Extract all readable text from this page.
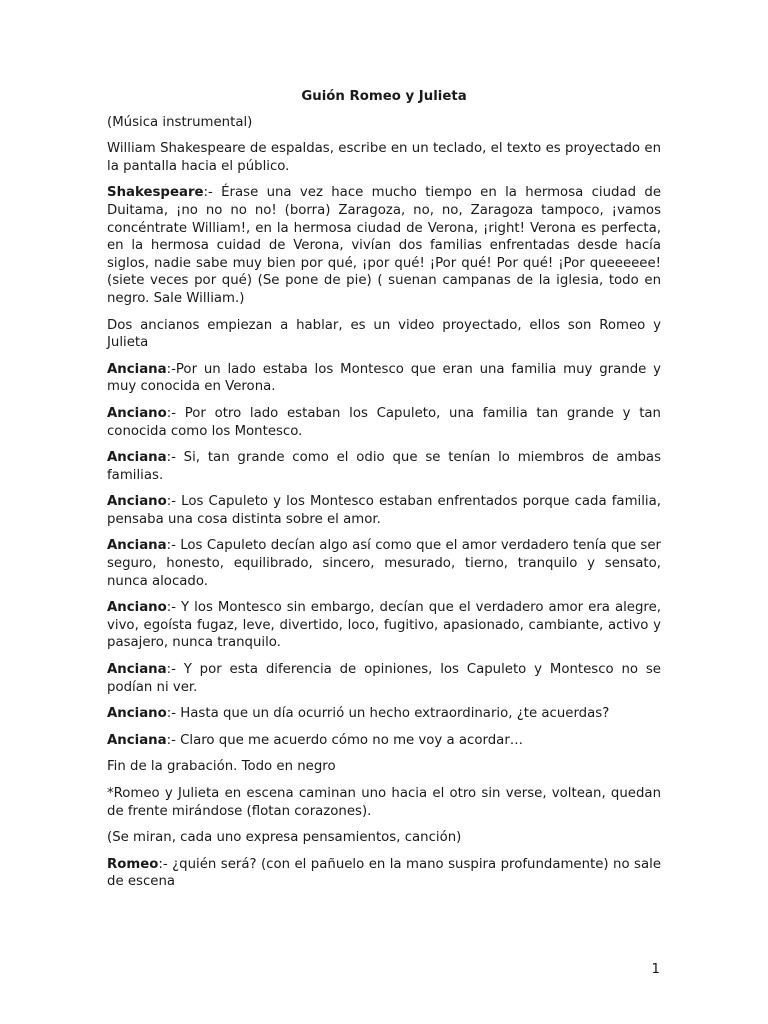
Guión Romeo y Julieta

(Música instrumental)

William Shakespeare de espaldas, escribe en un teclado, el texto es proyectado en la pantalla hacia el público.

Shakespeare:- Érase una vez hace mucho tiempo en la hermosa ciudad de Duitama, ¡no no no no! (borra) Zaragoza, no, no, Zaragoza tampoco, ¡vamos concéntrate William!, en la hermosa ciudad de Verona, ¡right! Verona es perfecta, en la hermosa cuidad de Verona, vivían dos familias enfrentadas desde hacía siglos, nadie sabe muy bien por qué, ¡por qué! ¡Por qué! Por qué! ¡Por queeeeee! (siete veces por qué) (Se pone de pie) ( suenan campanas de la iglesia, todo en negro. Sale William.)

Dos ancianos empiezan a hablar, es un video proyectado, ellos son Romeo y Julieta

Anciana:-Por un lado estaba los Montesco que eran una familia muy grande y muy conocida en Verona.

Anciano:- Por otro lado estaban los Capuleto, una familia tan grande y tan conocida como los Montesco.

Anciana:- Si, tan grande como el odio que se tenían lo miembros de ambas familias.

Anciano:- Los Capuleto y los Montesco estaban enfrentados porque cada familia, pensaba una cosa distinta sobre el amor.

Anciana:- Los Capuleto decían algo así como que el amor verdadero tenía que ser seguro, honesto, equilibrado, sincero, mesurado, tierno, tranquilo y sensato, nunca alocado.

Anciano:- Y los Montesco sin embargo, decían que el verdadero amor era alegre, vivo, egoísta fugaz, leve, divertido, loco, fugitivo, apasionado, cambiante, activo y pasajero, nunca tranquilo.

Anciana:- Y por esta diferencia de opiniones, los Capuleto y Montesco no se podían ni ver.

Anciano:- Hasta que un día ocurrió un hecho extraordinario, ¿te acuerdas?

Anciana:- Claro que me acuerdo cómo no me voy a acordar…

Fin de la grabación. Todo en negro

*Romeo y Julieta en escena caminan uno hacia el otro sin verse, voltean, quedan de frente mirándose (flotan corazones).

(Se miran, cada uno expresa pensamientos, canción)

Romeo:- ¿quién será? (con el pañuelo en la mano suspira profundamente) no sale de escena

1
